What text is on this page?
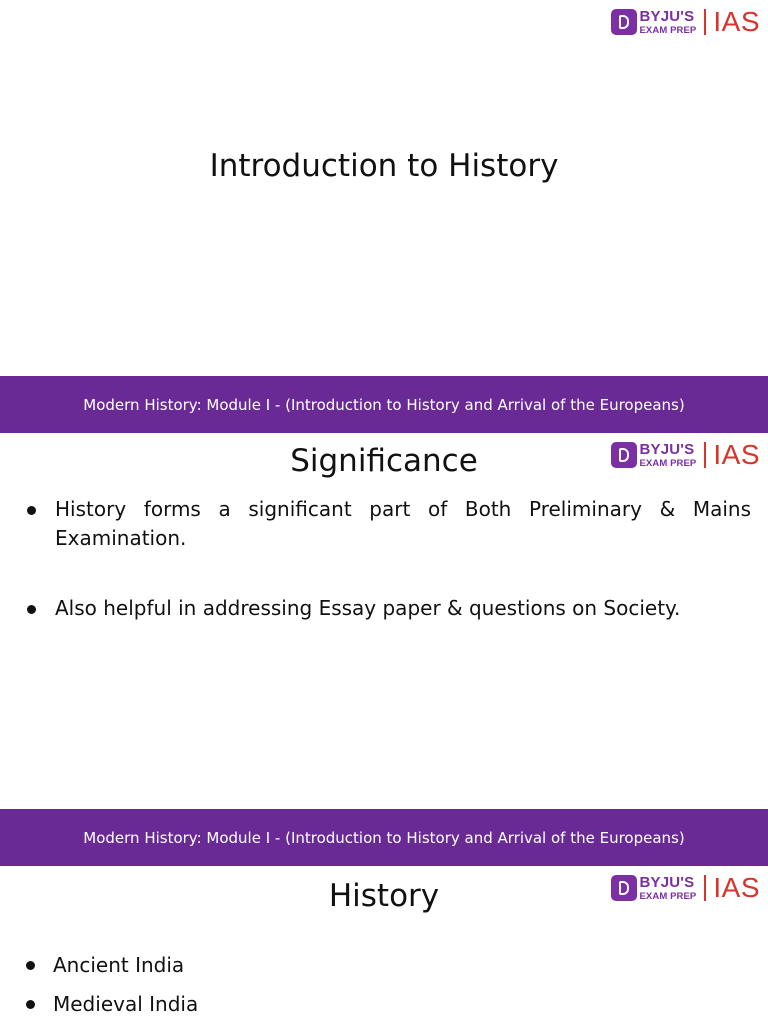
BYJU'S
EXAM PREP IAS
Introduction to History
Modern History: Module I - (Introduction to History and Arrival of the Europeans)
BYJU'S
EXAM PREP IAS
Significance
History forms a significant part of Both Preliminary & Mains Examination.
Also helpful in addressing Essay paper & questions on Society.
Modern History: Module I - (Introduction to History and Arrival of the Europeans)
BYJU'S
EXAM PREP IAS
History
Ancient India
Medieval India
